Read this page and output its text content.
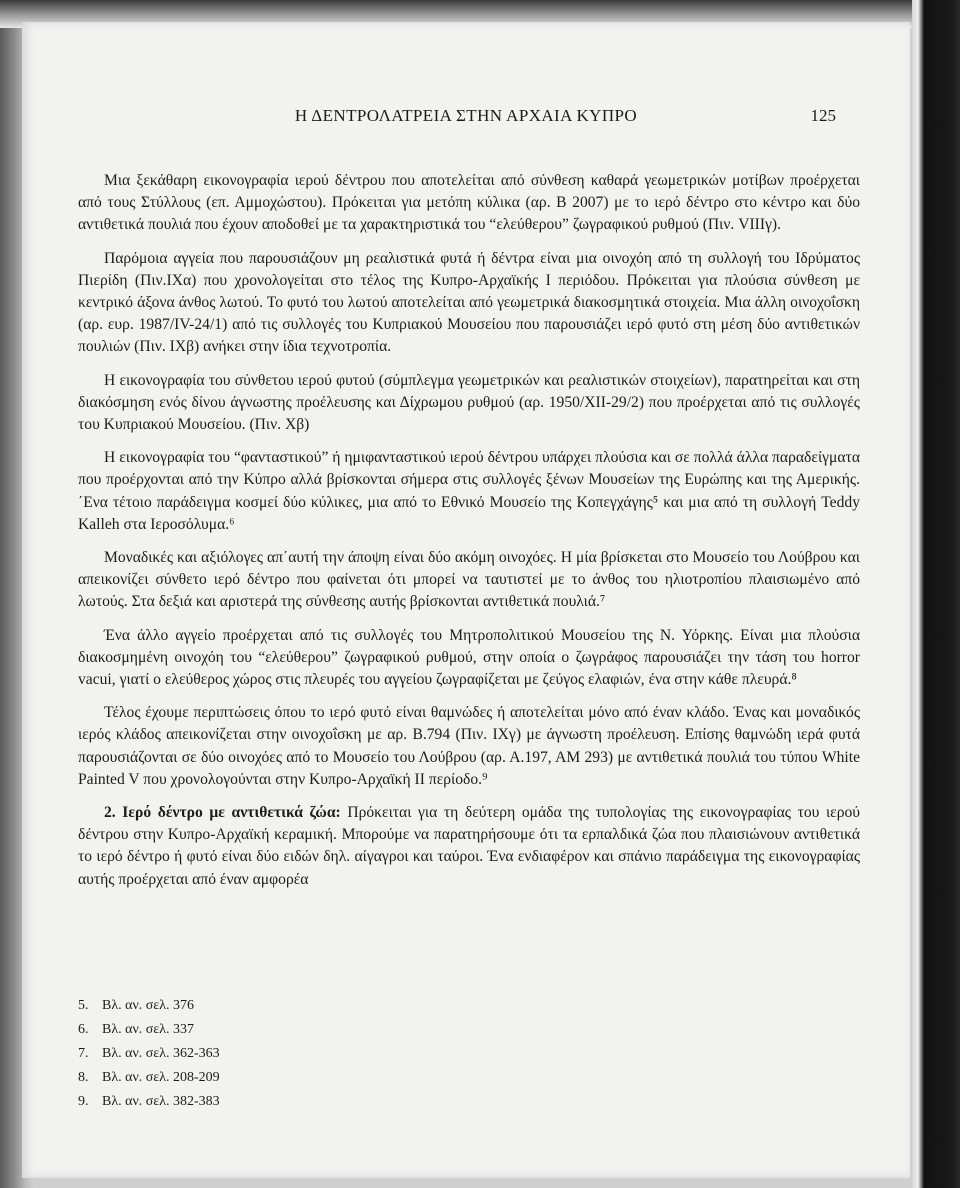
Η ΔΕΝΤΡΟΛΑΤΡΕΙΑ ΣΤΗΝ ΑΡΧΑΙΑ ΚΥΠΡΟ	125

Μια ξεκάθαρη εικονογραφία ιερού δέντρου που αποτελείται από σύνθεση καθαρά γεωμετρικών μοτίβων προέρχεται από τους Στύλλους (επ. Αμμοχώστου). Πρόκειται για μετόπη κύλικα (αρ. Β 2007) με το ιερό δέντρο στο κέντρο και δύο αντιθετικά πουλιά που έχουν αποδοθεί με τα χαρακτηριστικά του “ελεύθερου” ζωγραφικού ρυθμού (Πιν. VIIIγ).

Παρόμοια αγγεία που παρουσιάζουν μη ρεαλιστικά φυτά ή δέντρα είναι μια οινοχόη από τη συλλογή του Ιδρύματος Πιερίδη (Πιν.ΙΧα) που χρονολογείται στο τέλος της Κυπρο-Αρχαϊκής Ι περιόδου. Πρόκειται για πλούσια σύνθεση με κεντρικό άξονα άνθος λωτού. Το φυτό του λωτού αποτελείται από γεωμετρικά διακοσμητικά στοιχεία. Μια άλλη οινοχοΐσκη (αρ. ευρ. 1987/IV-24/1) από τις συλλογές του Κυπριακού Μουσείου που παρουσιάζει ιερό φυτό στη μέση δύο αντιθετικών πουλιών (Πιν. ΙΧβ) ανήκει στην ίδια τεχνοτροπία.

Η εικονογραφία του σύνθετου ιερού φυτού (σύμπλεγμα γεωμετρικών και ρεαλιστικών στοιχείων), παρατηρείται και στη διακόσμηση ενός δίνου άγνωστης προέλευσης και Δίχρωμου ρυθμού (αρ. 1950/ΧΙΙ-29/2) που προέρχεται από τις συλλογές του Κυπριακού Μουσείου. (Πιν. Χβ)

Η εικονογραφία του “φανταστικού” ή ημιφανταστικού ιερού δέντρου υπάρχει πλούσια και σε πολλά άλλα παραδείγματα που προέρχονται από την Κύπρο αλλά βρίσκονται σήμερα στις συλλογές ξένων Μουσείων της Ευρώπης και της Αμερικής. ΄Ενα τέτοιο παράδειγμα κοσμεί δύο κύλικες, μια από το Εθνικό Μουσείο της Κοπεγχάγης⁵ και μια από τη συλλογή Teddy Kalleh στα Ιεροσόλυμα.⁶

Μοναδικές και αξιόλογες απ΄αυτή την άποψη είναι δύο ακόμη οινοχόες. Η μία βρίσκεται στο Μουσείο του Λούβρου και απεικονίζει σύνθετο ιερό δέντρο που φαίνεται ότι μπορεί να ταυτιστεί με το άνθος του ηλιοτροπίου πλαισιωμένο από λωτούς. Στα δεξιά και αριστερά της σύνθεσης αυτής βρίσκονται αντιθετικά πουλιά.⁷

Ένα άλλο αγγείο προέρχεται από τις συλλογές του Μητροπολιτικού Μουσείου της Ν. Υόρκης. Είναι μια πλούσια διακοσμημένη οινοχόη του “ελεύθερου” ζωγραφικού ρυθμού, στην οποία ο ζωγράφος παρουσιάζει την τάση του horror vacui, γιατί ο ελεύθερος χώρος στις πλευρές του αγγείου ζωγραφίζεται με ζεύγος ελαφιών, ένα στην κάθε πλευρά.⁸

Τέλος έχουμε περιπτώσεις όπου το ιερό φυτό είναι θαμνώδες ή αποτελείται μόνο από έναν κλάδο. Ένας και μοναδικός ιερός κλάδος απεικονίζεται στην οινοχοΐσκη με αρ. Β.794 (Πιν. ΙΧγ) με άγνωστη προέλευση. Επίσης θαμνώδη ιερά φυτά παρουσιάζονται σε δύο οινοχόες από το Μουσείο του Λούβρου (αρ. Α.197, ΑΜ 293) με αντιθετικά πουλιά του τύπου White Painted V που χρονολογούνται στην Κυπρο-Αρχαϊκή ΙΙ περίοδο.⁹

2. Ιερό δέντρο με αντιθετικά ζώα: Πρόκειται για τη δεύτερη ομάδα της τυπολογίας της εικονογραφίας του ιερού δέντρου στην Κυπρο-Αρχαϊκή κεραμική. Μπορούμε να παρατηρήσουμε ότι τα ερπαλδικά ζώα που πλαισιώνουν αντιθετικά το ιερό δέντρο ή φυτό είναι δύο ειδών δηλ. αίγαγροι και ταύροι. Ένα ενδιαφέρον και σπάνιο παράδειγμα της εικονογραφίας αυτής προέρχεται από έναν αμφορέα

5. Βλ. αν. σελ. 376
6. Βλ. αν. σελ. 337
7. Βλ. αν. σελ. 362-363
8. Βλ. αν. σελ. 208-209
9. Βλ. αν. σελ. 382-383
